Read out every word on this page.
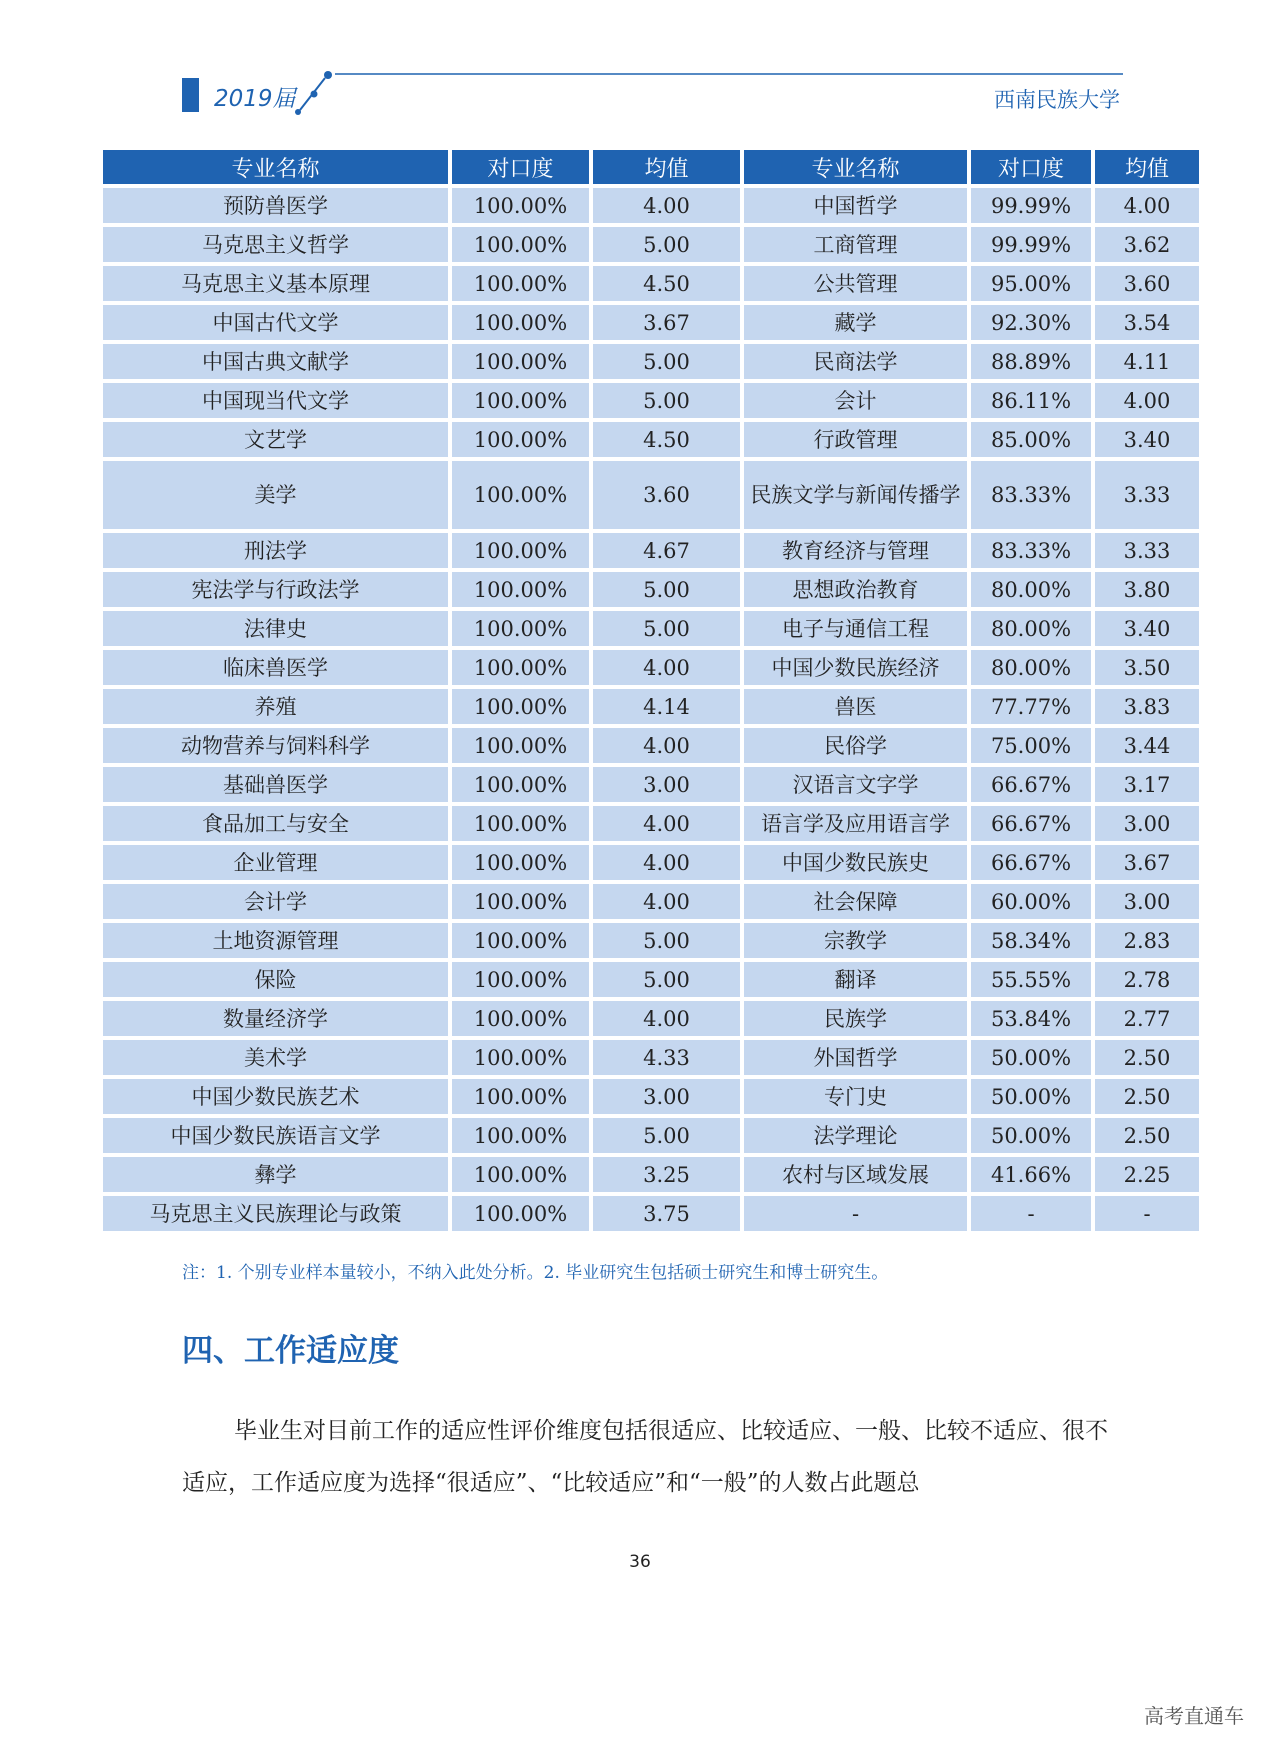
2019届	西南民族大学
专业名称	对口度	均值	专业名称	对口度	均值
预防兽医学	100.00%	4.00	中国哲学	99.99%	4.00
马克思主义哲学	100.00%	5.00	工商管理	99.99%	3.62
马克思主义基本原理	100.00%	4.50	公共管理	95.00%	3.60
中国古代文学	100.00%	3.67	藏学	92.30%	3.54
中国古典文献学	100.00%	5.00	民商法学	88.89%	4.11
中国现当代文学	100.00%	5.00	会计	86.11%	4.00
文艺学	100.00%	4.50	行政管理	85.00%	3.40
美学	100.00%	3.60	民族文学与新闻传播学	83.33%	3.33
刑法学	100.00%	4.67	教育经济与管理	83.33%	3.33
宪法学与行政法学	100.00%	5.00	思想政治教育	80.00%	3.80
法律史	100.00%	5.00	电子与通信工程	80.00%	3.40
临床兽医学	100.00%	4.00	中国少数民族经济	80.00%	3.50
养殖	100.00%	4.14	兽医	77.77%	3.83
动物营养与饲料科学	100.00%	4.00	民俗学	75.00%	3.44
基础兽医学	100.00%	3.00	汉语言文字学	66.67%	3.17
食品加工与安全	100.00%	4.00	语言学及应用语言学	66.67%	3.00
企业管理	100.00%	4.00	中国少数民族史	66.67%	3.67
会计学	100.00%	4.00	社会保障	60.00%	3.00
土地资源管理	100.00%	5.00	宗教学	58.34%	2.83
保险	100.00%	5.00	翻译	55.55%	2.78
数量经济学	100.00%	4.00	民族学	53.84%	2.77
美术学	100.00%	4.33	外国哲学	50.00%	2.50
中国少数民族艺术	100.00%	3.00	专门史	50.00%	2.50
中国少数民族语言文学	100.00%	5.00	法学理论	50.00%	2.50
彝学	100.00%	3.25	农村与区域发展	41.66%	2.25
马克思主义民族理论与政策	100.00%	3.75	-	-	-
注：1. 个别专业样本量较小，不纳入此处分析。2. 毕业研究生包括硕士研究生和博士研究生。
四、工作适应度
毕业生对目前工作的适应性评价维度包括很适应、比较适应、一般、比较不适应、很不适应，工作适应度为选择“很适应”、“比较适应”和“一般”的人数占此题总
36
高考直通车
